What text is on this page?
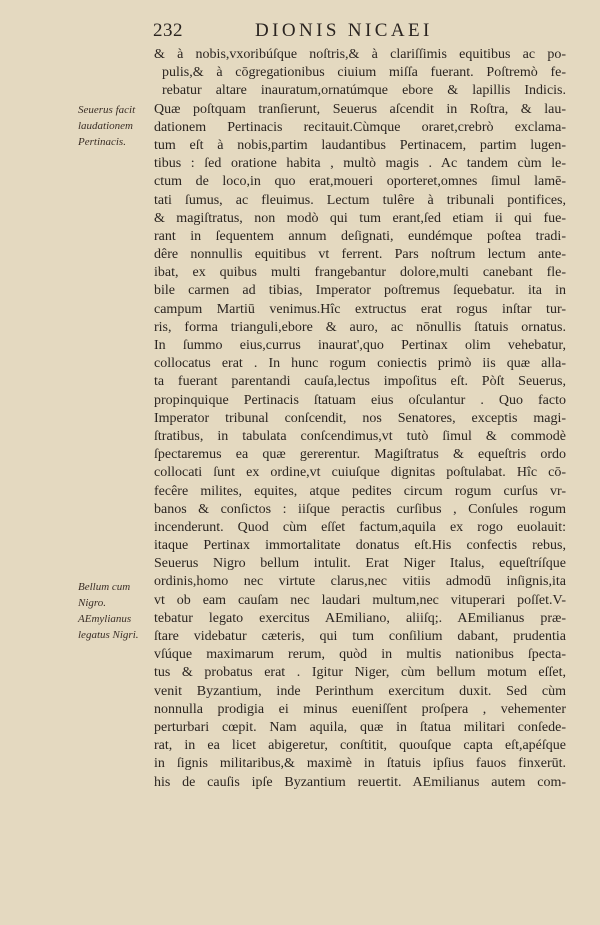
232	DIONIS NICAEI
Seuerus facit
laudationem
Pertinacis.
Bellum cum
Nigro.
AEmylianus
legatus Nigri.
& à nobis,vxoribúſque noſtris,& à clariſſimis equitibus ac po-
pulis,& à cōgregationibus ciuium miſſa fuerant. Poſtremò fe-
rebatur altare inauratum,ornatúmque ebore & lapillis Indicis.
Quæ poſtquam tranſierunt, Seuerus aſcendit in Roſtra, & lau-
dationem Pertinacis recitauit.Cùmque oraret,crebrò exclama-
tum eſt à nobis,partim laudantibus Pertinacem, partim lugen-
tibus : ſed oratione habita , multò magis . Ac tandem cùm le-
ctum de loco,in quo erat,moueri oporteret,omnes ſimul lamē-
tati ſumus, ac fleuimus. Lectum tulêre à tribunali pontifices,
& magiſtratus, non modò qui tum erant,ſed etiam ii qui fue-
rant in ſequentem annum deſignati, eundémque poſtea tradi-
dêre nonnullis equitibus vt ferrent. Pars noſtrum lectum ante-
ibat, ex quibus multi frangebantur dolore,multi canebant fle-
bile carmen ad tibias, Imperator poſtremus ſequebatur. ita in
campum Martiū venimus.Hîc extructus erat rogus inſtar tur-
ris, forma trianguli,ebore & auro, ac nōnullis ſtatuis ornatus.
In ſummo eius,currus inaurat',quo Pertinax olim vehebatur,
collocatus erat . In hunc rogum coniectis primò iis quæ alla-
ta fuerant parentandi cauſa,lectus impoſitus eſt. Pòſt Seuerus,
propinquique Pertinacis ſtatuam eius oſculantur . Quo facto
Imperator tribunal conſcendit, nos Senatores, exceptis magi-
ſtratibus, in tabulata conſcendimus,vt tutò ſimul & commodè
ſpectaremus ea quæ gererentur. Magiſtratus & equeſtris ordo
collocati ſunt ex ordine,vt cuiuſque dignitas poſtulabat. Hîc cō-
fecêre milites, equites, atque pedites circum rogum curſus vr-
banos & conſictos : iiſque peractis curſibus , Conſules rogum
incenderunt. Quod cùm eſſet factum,aquila ex rogo euolauit:
itaque Pertinax immortalitate donatus eſt.His confectis rebus,
Seuerus Nigro bellum intulit. Erat Niger Italus, equeſtríſque
ordinis,homo nec virtute clarus,nec vitiis admodū inſignis,ita
vt ob eam cauſam nec laudari multum,nec vituperari poſſet.V-
tebatur legato exercitus AEmiliano, aliiſq;. AEmilianus præ-
ſtare videbatur cæteris, qui tum conſilium dabant, prudentia
vſúque maximarum rerum, quòd in multis nationibus ſpecta-
tus & probatus erat . Igitur Niger, cùm bellum motum eſſet,
venit Byzantium, inde Perinthum exercitum duxit. Sed cùm
nonnulla prodigia ei minus eueniſſent proſpera , vehementer
perturbari cœpit. Nam aquila, quæ in ſtatua militari conſede-
rat, in ea licet abigeretur, conſtitit, quouſque capta eſt,apéſque
in ſignis militaribus,& maximè in ſtatuis ipſius fauos finxerūt.
his de cauſis ipſe Byzantium reuertit. AEmilianus autem com-
